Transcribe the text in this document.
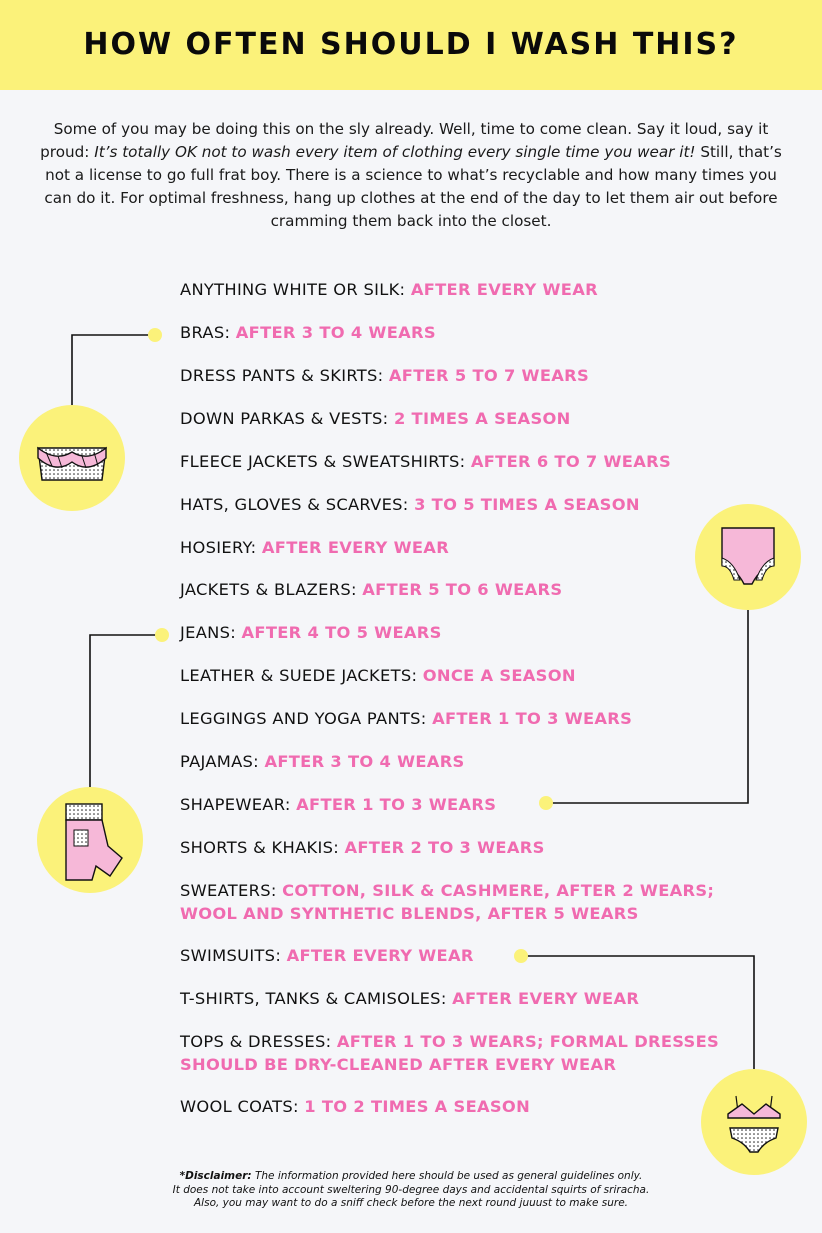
HOW OFTEN SHOULD I WASH THIS?
Some of you may be doing this on the sly already. Well, time to come clean. Say it loud, say it proud: It’s totally OK not to wash every item of clothing every single time you wear it! Still, that’s not a license to go full frat boy. There is a science to what’s recyclable and how many times you can do it. For optimal freshness, hang up clothes at the end of the day to let them air out before cramming them back into the closet.
ANYTHING WHITE OR SILK: AFTER EVERY WEAR
BRAS: AFTER 3 TO 4 WEARS
DRESS PANTS & SKIRTS: AFTER 5 TO 7 WEARS
DOWN PARKAS & VESTS: 2 TIMES A SEASON
FLEECE JACKETS & SWEATSHIRTS: AFTER 6 TO 7 WEARS
HATS, GLOVES & SCARVES: 3 TO 5 TIMES A SEASON
HOSIERY: AFTER EVERY WEAR
JACKETS & BLAZERS: AFTER 5 TO 6 WEARS
JEANS: AFTER 4 TO 5 WEARS
LEATHER & SUEDE JACKETS: ONCE A SEASON
LEGGINGS AND YOGA PANTS: AFTER 1 TO 3 WEARS
PAJAMAS: AFTER 3 TO 4 WEARS
SHAPEWEAR: AFTER 1 TO 3 WEARS
SHORTS & KHAKIS: AFTER 2 TO 3 WEARS
SWEATERS: COTTON, SILK & CASHMERE, AFTER 2 WEARS;
WOOL AND SYNTHETIC BLENDS, AFTER 5 WEARS
SWIMSUITS: AFTER EVERY WEAR
T-SHIRTS, TANKS & CAMISOLES: AFTER EVERY WEAR
TOPS & DRESSES: AFTER 1 TO 3 WEARS; FORMAL DRESSES
SHOULD BE DRY-CLEANED AFTER EVERY WEAR
WOOL COATS: 1 TO 2 TIMES A SEASON
*Disclaimer: The information provided here should be used as general guidelines only.
It does not take into account sweltering 90-degree days and accidental squirts of sriracha.
Also, you may want to do a sniff check before the next round juuust to make sure.
